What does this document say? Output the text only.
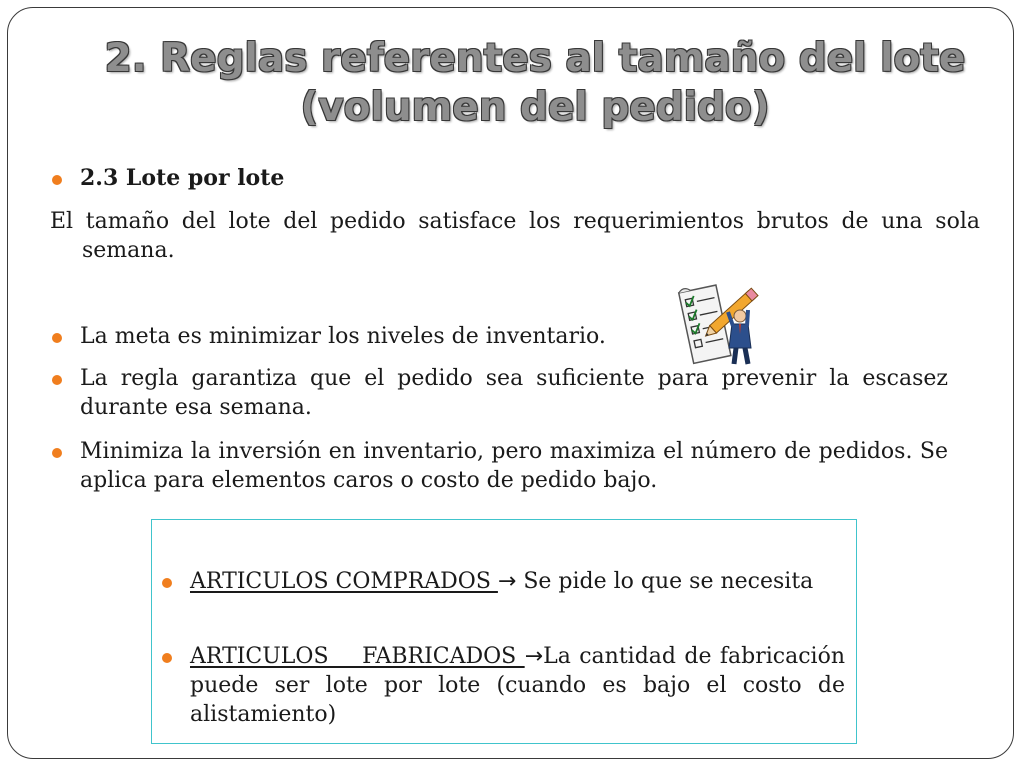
2. Reglas referentes al tamaño del lote
(volumen del pedido)
2.3 Lote por lote
El tamaño del lote del pedido satisface los requerimientos brutos de una sola semana.
La meta es minimizar los niveles de inventario.
La regla garantiza que el pedido sea suficiente para prevenir la escasez durante esa semana.
Minimiza la inversión en inventario, pero maximiza el número de pedidos. Se aplica para elementos caros o costo de pedido bajo.
ARTICULOS COMPRADOS → Se pide lo que se necesita
ARTICULOS    FABRICADOS →La cantidad de fabricación puede ser lote por lote (cuando es bajo el costo de alistamiento)
